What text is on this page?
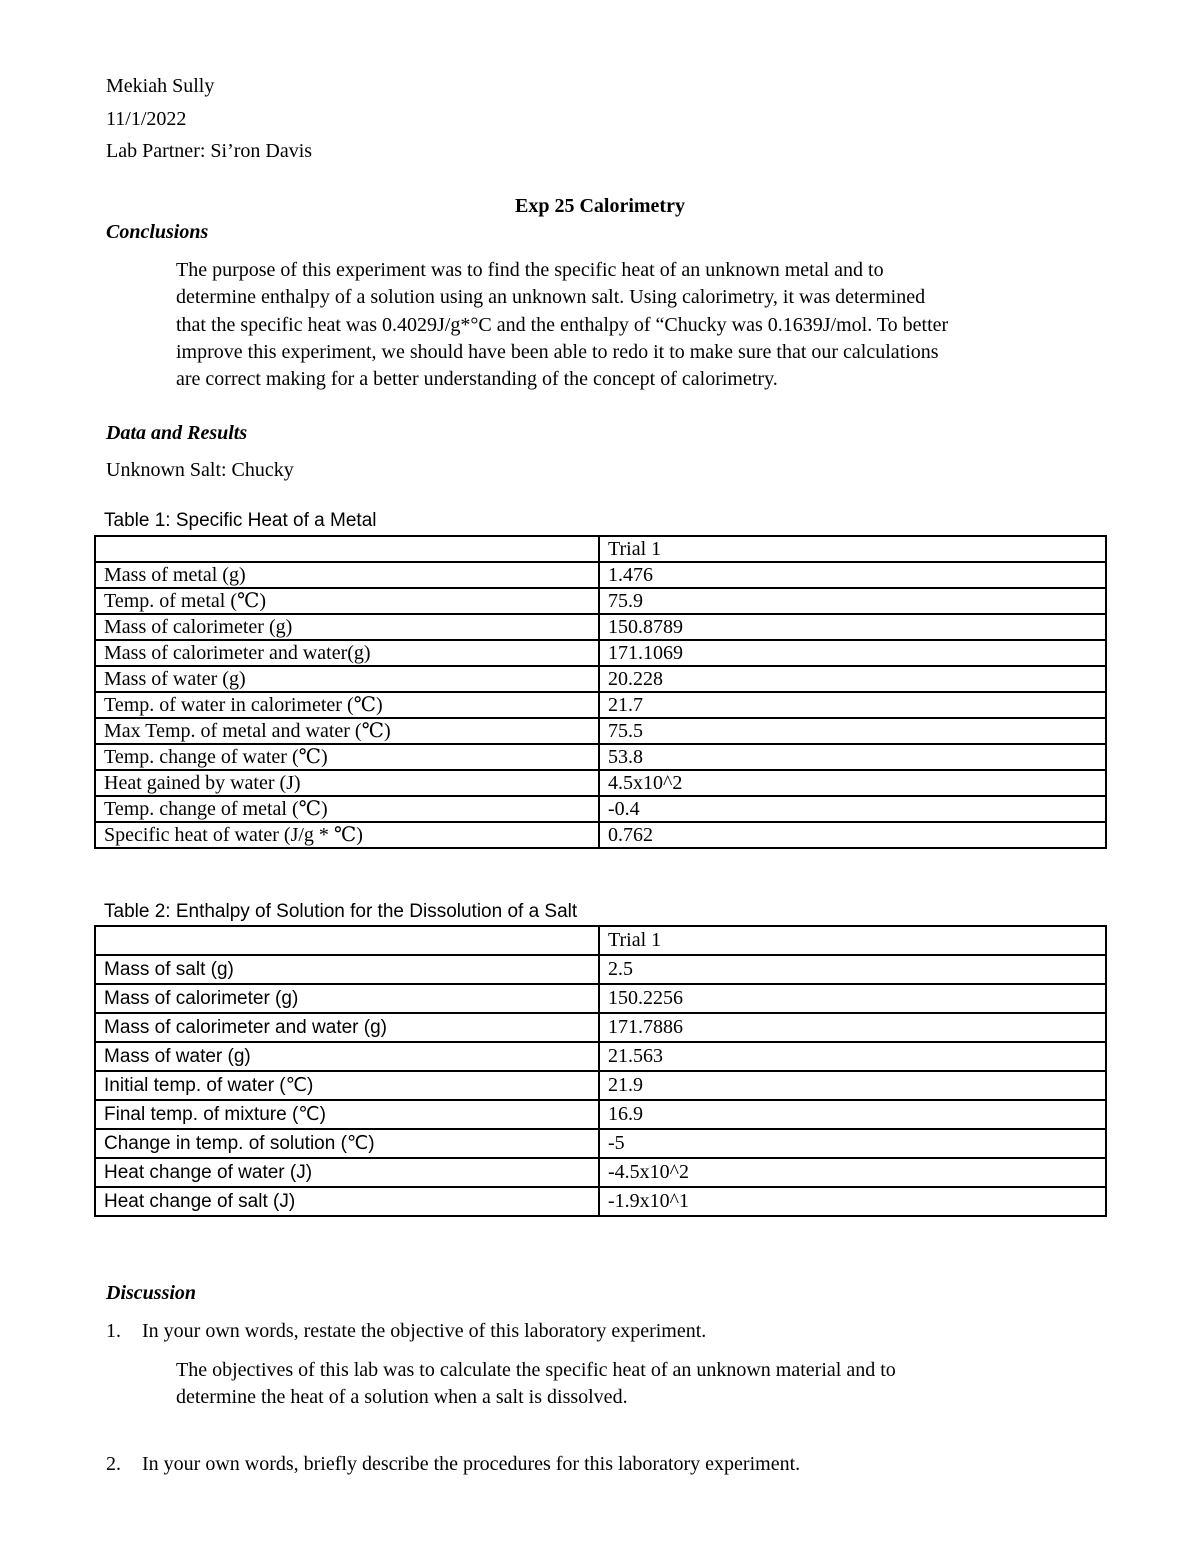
Mekiah Sully
11/1/2022
Lab Partner: Si’ron Davis
Exp 25 Calorimetry
Conclusions
The purpose of this experiment was to find the specific heat of an unknown metal and to
determine enthalpy of a solution using an unknown salt. Using calorimetry, it was determined
that the specific heat was 0.4029J/g*°C and the enthalpy of “Chucky was 0.1639J/mol. To better
improve this experiment, we should have been able to redo it to make sure that our calculations
are correct making for a better understanding of the concept of calorimetry.
Data and Results
Unknown Salt: Chucky
Table 1: Specific Heat of a Metal
	Trial 1
Mass of metal (g)	1.476
Temp. of metal (℃)	75.9
Mass of calorimeter (g)	150.8789
Mass of calorimeter and water(g)	171.1069
Mass of water (g)	20.228
Temp. of water in calorimeter (℃)	21.7
Max Temp. of metal and water (℃)	75.5
Temp. change of water (℃)	53.8
Heat gained by water (J)	4.5x10^2
Temp. change of metal (℃)	-0.4
Specific heat of water (J/g * ℃)	0.762
Table 2: Enthalpy of Solution for the Dissolution of a Salt
	Trial 1
Mass of salt (g)	2.5
Mass of calorimeter (g)	150.2256
Mass of calorimeter and water (g)	171.7886
Mass of water (g)	21.563
Initial temp. of water (℃)	21.9
Final temp. of mixture (℃)	16.9
Change in temp. of solution (℃)	-5
Heat change of water (J)	-4.5x10^2
Heat change of salt (J)	-1.9x10^1
Discussion
1. In your own words, restate the objective of this laboratory experiment.
The objectives of this lab was to calculate the specific heat of an unknown material and to
determine the heat of a solution when a salt is dissolved.
2. In your own words, briefly describe the procedures for this laboratory experiment.
